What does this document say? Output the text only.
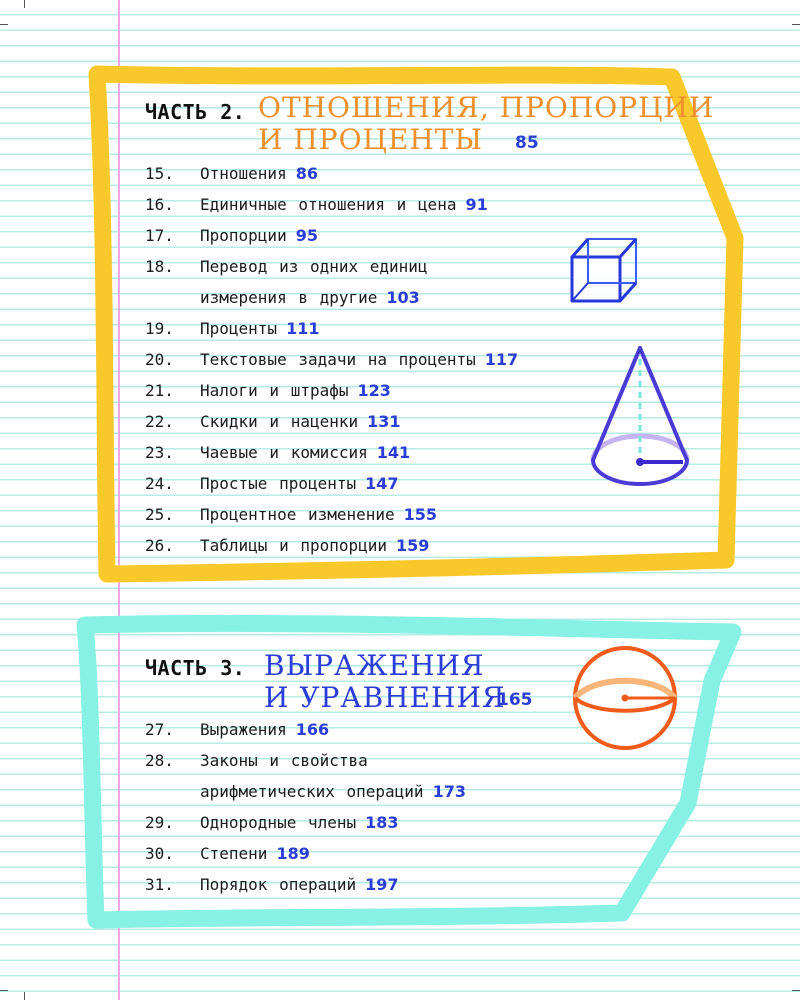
ЧАСТЬ 2. ОТНОШЕНИЯ, ПРОПОРЦИИ
И ПРОЦЕНТЫ 85
15. Отношения 86
16. Единичные отношения и цена 91
17. Пропорции 95
18. Перевод из одних единиц
измерения в другие 103
19. Проценты 111
20. Текстовые задачи на проценты 117
21. Налоги и штрафы 123
22. Скидки и наценки 131
23. Чаевые и комиссия 141
24. Простые проценты 147
25. Процентное изменение 155
26. Таблицы и пропорции 159
ЧАСТЬ 3. ВЫРАЖЕНИЯ
И УРАВНЕНИЯ
165
27. Выражения 166
28. Законы и свойства
арифметических операций 173
29. Однородные члены 183
30. Степени 189
31. Порядок операций 197
